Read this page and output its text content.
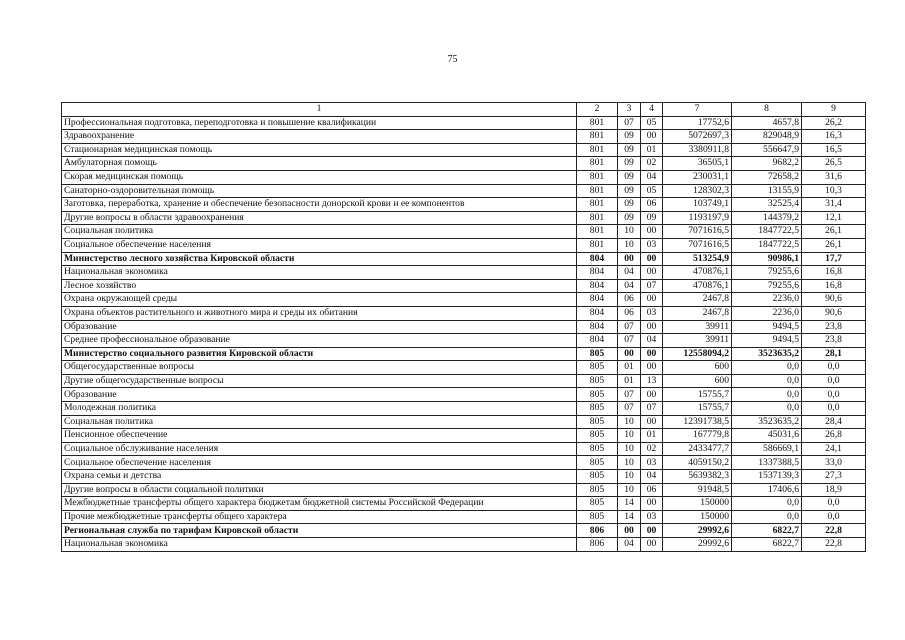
75
1	2	3	4	7	8	9
Профессиональная подготовка, переподготовка и повышение квалификации	801	07	05	17752,6	4657,8	26,2
Здравоохранение	801	09	00	5072697,3	829048,9	16,3
Стационарная медицинская помощь	801	09	01	3380911,8	556647,9	16,5
Амбулаторная помощь	801	09	02	36505,1	9682,2	26,5
Скорая медицинская помощь	801	09	04	230031,1	72658,2	31,6
Санаторно-оздоровительная помощь	801	09	05	128302,3	13155,9	10,3
Заготовка, переработка, хранение и обеспечение безопасности донорской крови и ее компонентов	801	09	06	103749,1	32525,4	31,4
Другие вопросы в области здравоохранения	801	09	09	1193197,9	144379,2	12,1
Социальная политика	801	10	00	7071616,5	1847722,5	26,1
Социальное обеспечение населения	801	10	03	7071616,5	1847722,5	26,1
Министерство лесного хозяйства Кировской области	804	00	00	513254,9	90986,1	17,7
Национальная экономика	804	04	00	470876,1	79255,6	16,8
Лесное хозяйство	804	04	07	470876,1	79255,6	16,8
Охрана окружающей среды	804	06	00	2467,8	2236,0	90,6
Охрана объектов растительного и животного мира и среды их обитания	804	06	03	2467,8	2236,0	90,6
Образование	804	07	00	39911	9494,5	23,8
Среднее профессиональное образование	804	07	04	39911	9494,5	23,8
Министерство социального развития Кировской области	805	00	00	12558094,2	3523635,2	28,1
Общегосударственные вопросы	805	01	00	600	0,0	0,0
Другие общегосударственные вопросы	805	01	13	600	0,0	0,0
Образование	805	07	00	15755,7	0,0	0,0
Молодежная политика	805	07	07	15755,7	0,0	0,0
Социальная политика	805	10	00	12391738,5	3523635,2	28,4
Пенсионное обеспечение	805	10	01	167779,8	45031,6	26,8
Социальное обслуживание населения	805	10	02	2433477,7	586669,1	24,1
Социальное обеспечение населения	805	10	03	4059150,2	1337388,5	33,0
Охрана семьи и детства	805	10	04	5639382,3	1537139,3	27,3
Другие вопросы в области социальной политики	805	10	06	91948,5	17406,6	18,9
Межбюджетные трансферты общего характера бюджетам бюджетной системы Российской Федерации	805	14	00	150000	0,0	0,0
Прочие межбюджетные трансферты общего характера	805	14	03	150000	0,0	0,0
Региональная служба по тарифам Кировской области	806	00	00	29992,6	6822,7	22,8
Национальная экономика	806	04	00	29992,6	6822,7	22,8
